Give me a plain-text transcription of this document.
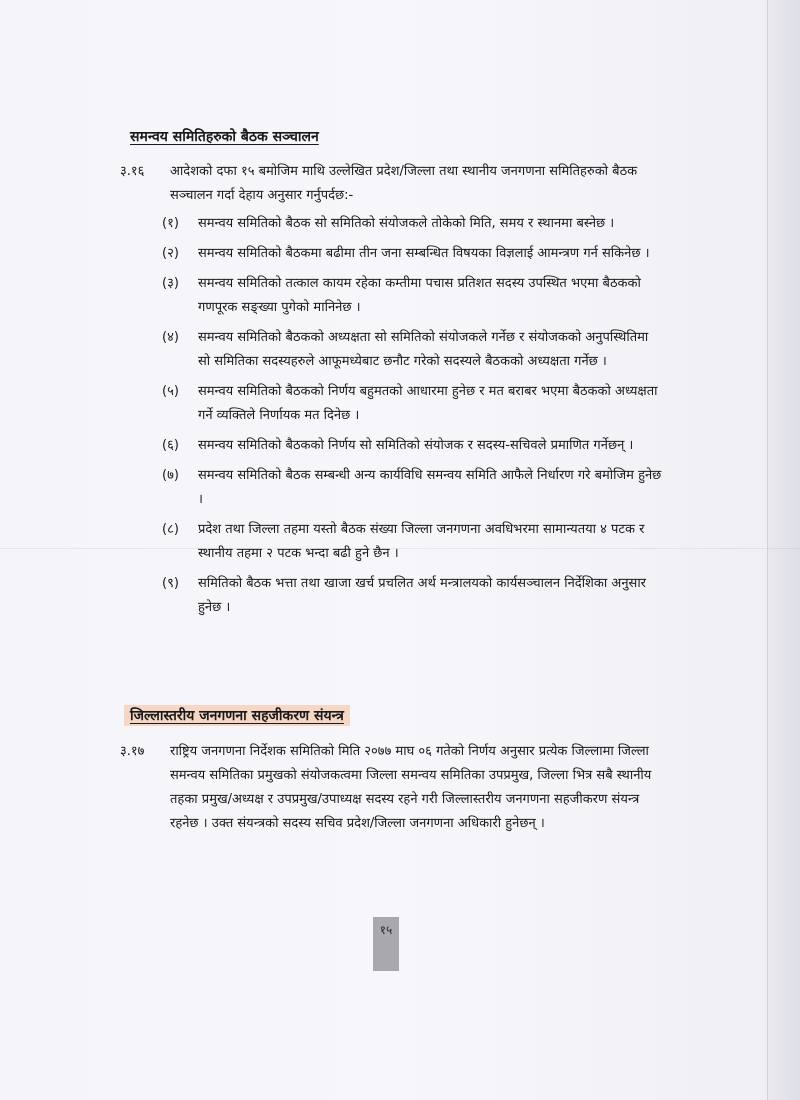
समन्वय समितिहरुको बैठक सञ्चालन
३.१६ आदेशको दफा १५ बमोजिम माथि उल्लेखित प्रदेश/जिल्ला तथा स्थानीय जनगणना समितिहरुको बैठक सञ्चालन गर्दा देहाय अनुसार गर्नुपर्दछ:-
(१) समन्वय समितिको बैठक सो समितिको संयोजकले तोकेको मिति, समय र स्थानमा बस्नेछ ।
(२) समन्वय समितिको बैठकमा बढीमा तीन जना सम्बन्धित विषयका विज्ञलाई आमन्त्रण गर्न सकिनेछ ।
(३) समन्वय समितिको तत्काल कायम रहेका कम्तीमा पचास प्रतिशत सदस्य उपस्थित भएमा बैठकको गणपूरक सङ्ख्या पुगेको मानिनेछ ।
(४) समन्वय समितिको बैठकको अध्यक्षता सो समितिको संयोजकले गर्नेछ र संयोजकको अनुपस्थितिमा सो समितिका सदस्यहरुले आफूमध्येबाट छनौट गरेको सदस्यले बैठकको अध्यक्षता गर्नेछ ।
(५) समन्वय समितिको बैठकको निर्णय बहुमतको आधारमा हुनेछ र मत बराबर भएमा बैठकको अध्यक्षता गर्ने व्यक्तिले निर्णायक मत दिनेछ ।
(६) समन्वय समितिको बैठकको निर्णय सो समितिको संयोजक र सदस्य-सचिवले प्रमाणित गर्नेछन् ।
(७) समन्वय समितिको बैठक सम्बन्धी अन्य कार्यविधि समन्वय समिति आफैले निर्धारण गरे बमोजिम हुनेछ ।
(८) प्रदेश तथा जिल्ला तहमा यस्तो बैठक संख्या जिल्ला जनगणना अवधिभरमा सामान्यतया ४ पटक र स्थानीय तहमा २ पटक भन्दा बढी हुने छैन ।
(९) समितिको बैठक भत्ता तथा खाजा खर्च प्रचलित अर्थ मन्त्रालयको कार्यसञ्चालन निर्देशिका अनुसार हुनेछ ।
जिल्लास्तरीय जनगणना सहजीकरण संयन्त्र
३.१७ राष्ट्रिय जनगणना निर्देशक समितिको मिति २०७७ माघ ०६ गतेको निर्णय अनुसार प्रत्येक जिल्लामा जिल्ला समन्वय समितिका प्रमुखको संयोजकत्वमा जिल्ला समन्वय समितिका उपप्रमुख, जिल्ला भित्र सबै स्थानीय तहका प्रमुख/अध्यक्ष र उपप्रमुख/उपाध्यक्ष सदस्य रहने गरी जिल्लास्तरीय जनगणना सहजीकरण संयन्त्र रहनेछ । उक्त संयन्त्रको सदस्य सचिव प्रदेश/जिल्ला जनगणना अधिकारी हुनेछन् ।
१५
